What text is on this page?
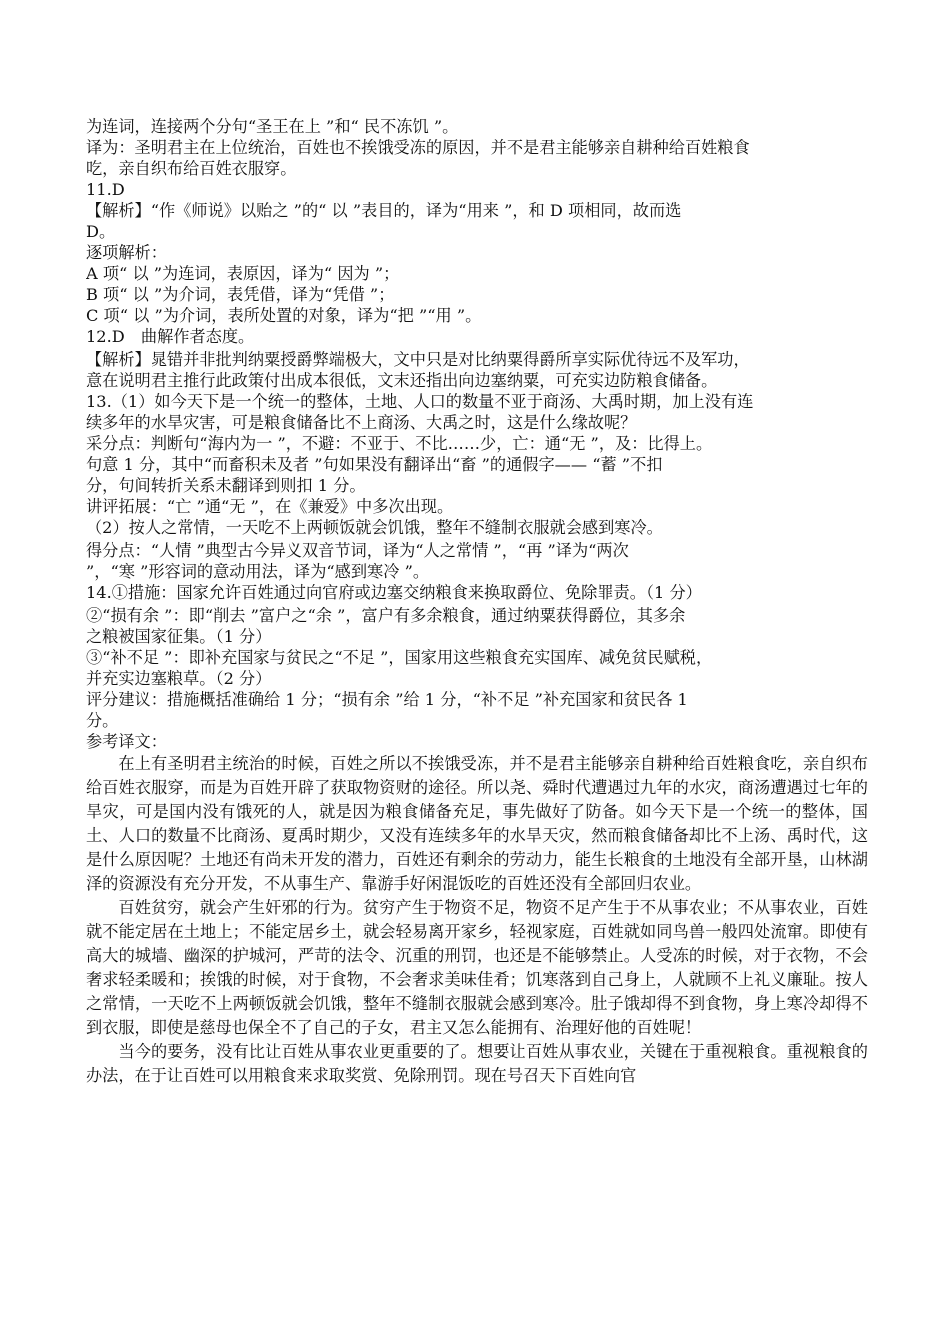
为连词，连接两个分句“圣王在上 ”和“ 民不冻饥 ”。

译为：圣明君主在上位统治，百姓也不挨饿受冻的原因，并不是君主能够亲自耕种给百姓粮食

吃，亲自织布给百姓衣服穿。

11.D

【解析】“作《师说》以贻之 ”的“ 以 ”表目的，译为“用来 ”，和 D 项相同，故而选

D。

逐项解析：

A 项“ 以 ”为连词，表原因，译为“ 因为 ”；

B 项“ 以 ”为介词，表凭借，译为“凭借 ”；

C 项“ 以 ”为介词，表所处置的对象，译为“把 ”“用 ”。

12.D　曲解作者态度。

【解析】晁错并非批判纳粟授爵弊端极大，文中只是对比纳粟得爵所享实际优待远不及军功，

意在说明君主推行此政策付出成本很低，文末还指出向边塞纳粟，可充实边防粮食储备。

13.（1）如今天下是一个统一的整体，土地、人口的数量不亚于商汤、大禹时期，加上没有连

续多年的水旱灾害，可是粮食储备比不上商汤、大禹之时，这是什么缘故呢？

采分点：判断句“海内为一 ”，不避：不亚于、不比……少，亡：通“无 ”，及：比得上。

句意 1 分，其中“而畜积未及者 ”句如果没有翻译出“畜 ”的通假字—— “蓄 ”不扣

分，句间转折关系未翻译到则扣 1 分。

讲评拓展：“亡 ”通“无 ”，在《兼爱》中多次出现。

（2）按人之常情，一天吃不上两顿饭就会饥饿，整年不缝制衣服就会感到寒冷。

得分点：“人情 ”典型古今异义双音节词，译为“人之常情 ”，“再 ”译为“两次

”，“寒 ”形容词的意动用法，译为“感到寒冷 ”。

14.①措施：国家允许百姓通过向官府或边塞交纳粮食来换取爵位、免除罪责。（1 分）

②“损有余 ”：即“削去 ”富户之“余 ”，富户有多余粮食，通过纳粟获得爵位，其多余

之粮被国家征集。（1 分）

③“补不足 ”：即补充国家与贫民之“不足 ”，国家用这些粮食充实国库、减免贫民赋税，

并充实边塞粮草。（2 分）

评分建议：措施概括准确给 1 分；“损有余 ”给 1 分，“补不足 ”补充国家和贫民各 1

分。

参考译文：

在上有圣明君主统治的时候，百姓之所以不挨饿受冻，并不是君主能够亲自耕种给百姓粮食吃，亲自织布给百姓衣服穿，而是为百姓开辟了获取物资财的途径。所以尧、舜时代遭遇过九年的水灾，商汤遭遇过七年的旱灾，可是国内没有饿死的人，就是因为粮食储备充足，事先做好了防备。如今天下是一个统一的整体，国土、人口的数量不比商汤、夏禹时期少，又没有连续多年的水旱天灾，然而粮食储备却比不上汤、禹时代，这是什么原因呢？土地还有尚未开发的潜力，百姓还有剩余的劳动力，能生长粮食的土地没有全部开垦，山林湖泽的资源没有充分开发，不从事生产、靠游手好闲混饭吃的百姓还没有全部回归农业。

百姓贫穷，就会产生奸邪的行为。贫穷产生于物资不足，物资不足产生于不从事农业；不从事农业，百姓就不能定居在土地上；不能定居乡土，就会轻易离开家乡，轻视家庭，百姓就如同鸟兽一般四处流窜。即使有高大的城墙、幽深的护城河，严苛的法令、沉重的刑罚，也还是不能够禁止。人受冻的时候，对于衣物，不会奢求轻柔暖和；挨饿的时候，对于食物，不会奢求美味佳肴；饥寒落到自己身上，人就顾不上礼义廉耻。按人之常情，一天吃不上两顿饭就会饥饿，整年不缝制衣服就会感到寒冷。肚子饿却得不到食物，身上寒冷却得不到衣服，即使是慈母也保全不了自己的子女，君主又怎么能拥有、治理好他的百姓呢！

当今的要务，没有比让百姓从事农业更重要的了。想要让百姓从事农业，关键在于重视粮食。重视粮食的办法，在于让百姓可以用粮食来求取奖赏、免除刑罚。现在号召天下百姓向官
